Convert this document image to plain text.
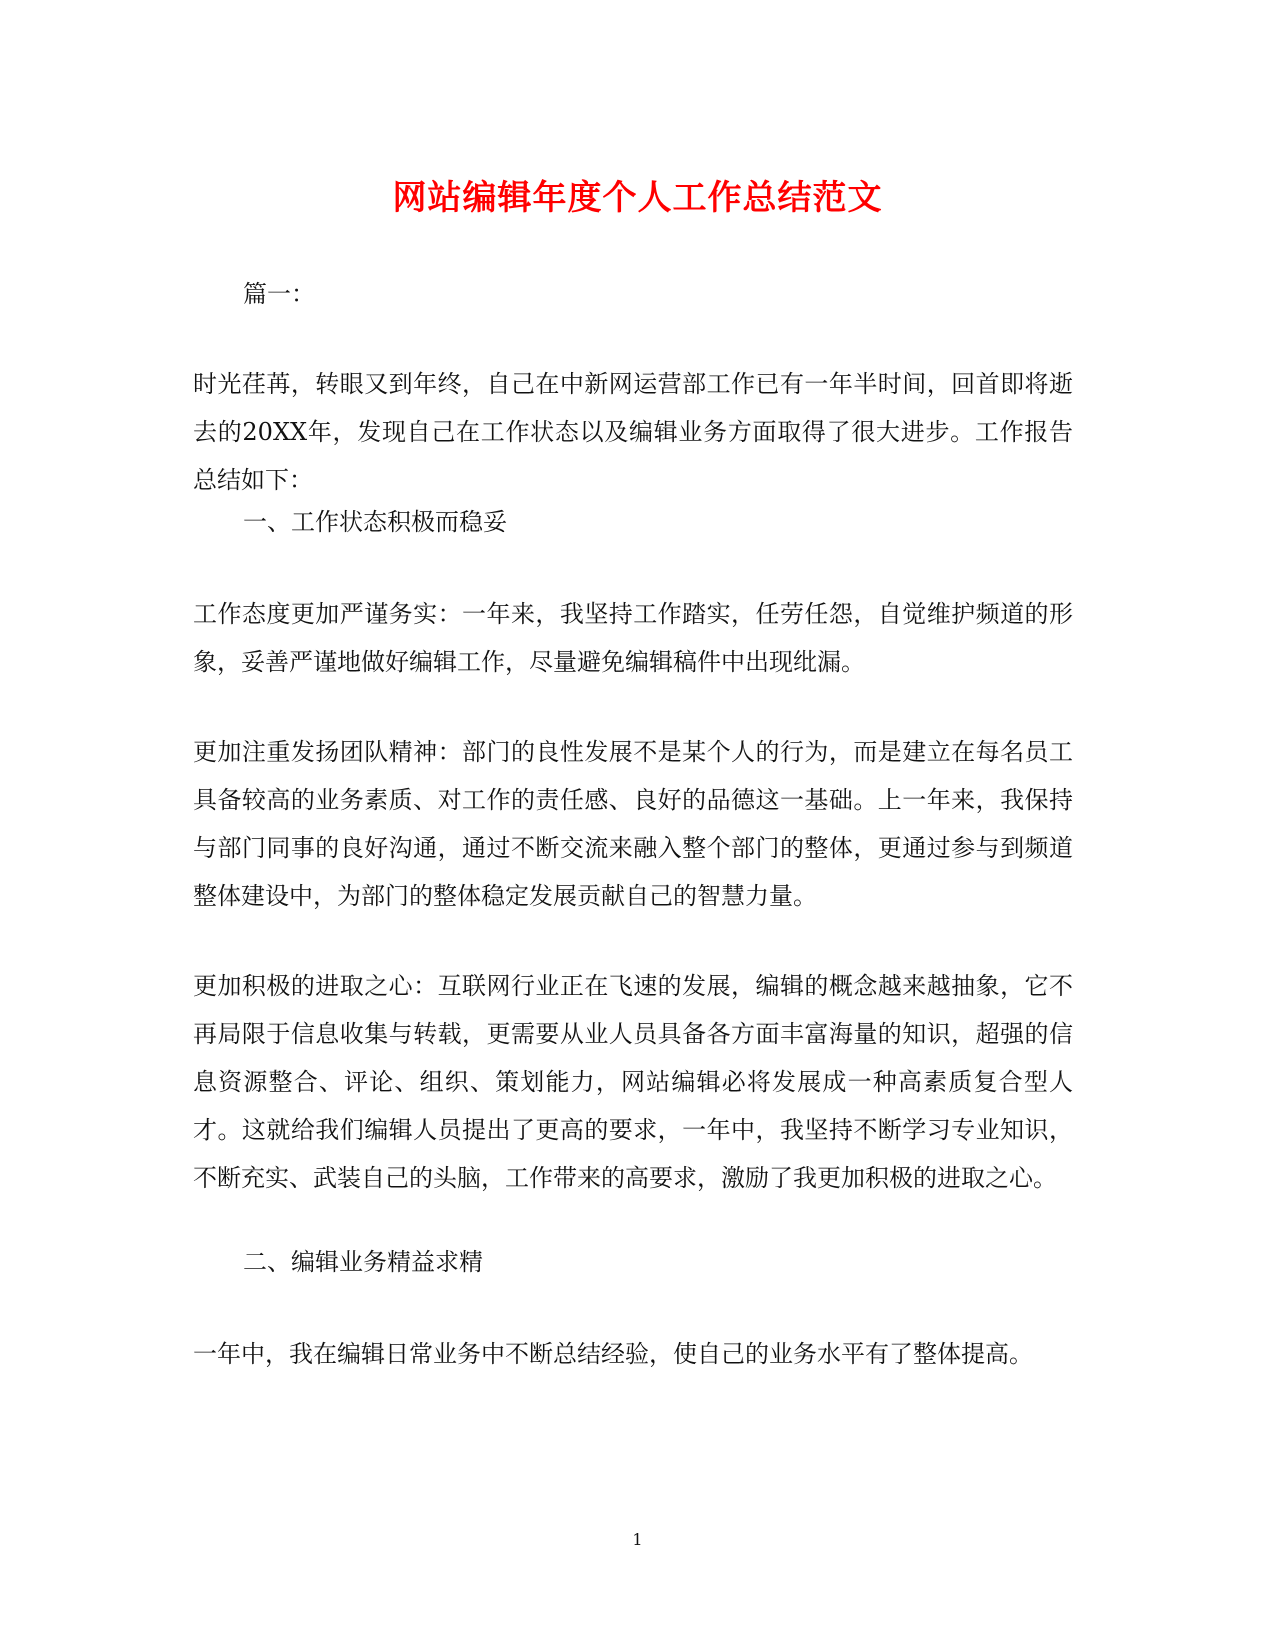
网站编辑年度个人工作总结范文

篇一：

时光荏苒，转眼又到年终，自己在中新网运营部工作已有一年半时间，回首即将逝去的20XX年，发现自己在工作状态以及编辑业务方面取得了很大进步。工作报告总结如下：

一、工作状态积极而稳妥

工作态度更加严谨务实：一年来，我坚持工作踏实，任劳任怨，自觉维护频道的形象，妥善严谨地做好编辑工作，尽量避免编辑稿件中出现纰漏。

更加注重发扬团队精神：部门的良性发展不是某个人的行为，而是建立在每名员工具备较高的业务素质、对工作的责任感、良好的品德这一基础。上一年来，我保持与部门同事的良好沟通，通过不断交流来融入整个部门的整体，更通过参与到频道整体建设中，为部门的整体稳定发展贡献自己的智慧力量。

更加积极的进取之心：互联网行业正在飞速的发展，编辑的概念越来越抽象，它不再局限于信息收集与转载，更需要从业人员具备各方面丰富海量的知识，超强的信息资源整合、评论、组织、策划能力，网站编辑必将发展成一种高素质复合型人才。这就给我们编辑人员提出了更高的要求，一年中，我坚持不断学习专业知识，不断充实、武装自己的头脑，工作带来的高要求，激励了我更加积极的进取之心。

二、编辑业务精益求精

一年中，我在编辑日常业务中不断总结经验，使自己的业务水平有了整体提高。

1
